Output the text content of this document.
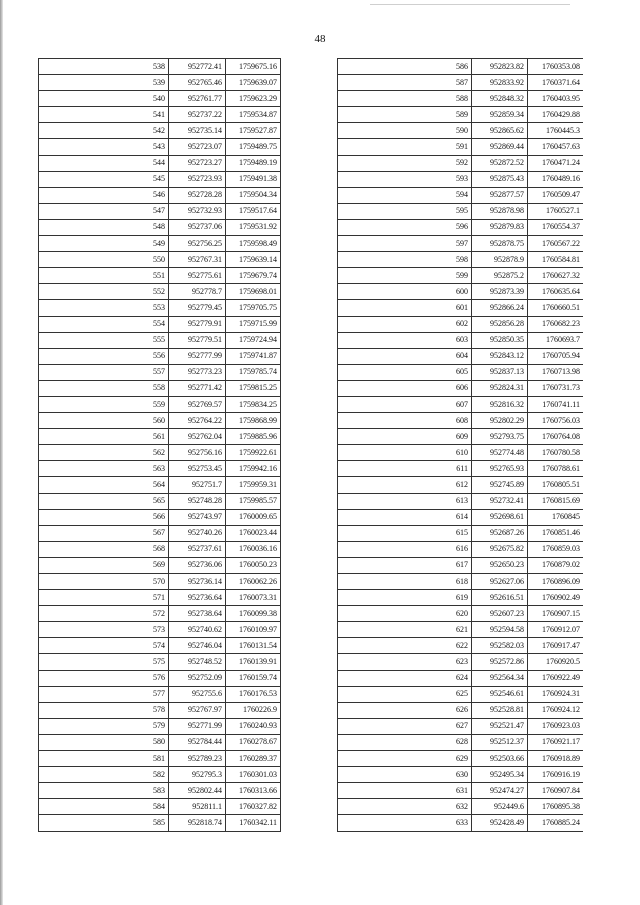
48
538	952772.41	1759675.16
539	952765.46	1759639.07
540	952761.77	1759623.29
541	952737.22	1759534.87
542	952735.14	1759527.87
543	952723.07	1759489.75
544	952723.27	1759489.19
545	952723.93	1759491.38
546	952728.28	1759504.34
547	952732.93	1759517.64
548	952737.06	1759531.92
549	952756.25	1759598.49
550	952767.31	1759639.14
551	952775.61	1759679.74
552	952778.7	1759698.01
553	952779.45	1759705.75
554	952779.91	1759715.99
555	952779.51	1759724.94
556	952777.99	1759741.87
557	952773.23	1759785.74
558	952771.42	1759815.25
559	952769.57	1759834.25
560	952764.22	1759868.99
561	952762.04	1759885.96
562	952756.16	1759922.61
563	952753.45	1759942.16
564	952751.7	1759959.31
565	952748.28	1759985.57
566	952743.97	1760009.65
567	952740.26	1760023.44
568	952737.61	1760036.16
569	952736.06	1760050.23
570	952736.14	1760062.26
571	952736.64	1760073.31
572	952738.64	1760099.38
573	952740.62	1760109.97
574	952746.04	1760131.54
575	952748.52	1760139.91
576	952752.09	1760159.74
577	952755.6	1760176.53
578	952767.97	1760226.9
579	952771.99	1760240.93
580	952784.44	1760278.67
581	952789.23	1760289.37
582	952795.3	1760301.03
583	952802.44	1760313.66
584	952811.1	1760327.82
585	952818.74	1760342.11
586	952823.82	1760353.08
587	952833.92	1760371.64
588	952848.32	1760403.95
589	952859.34	1760429.88
590	952865.62	1760445.3
591	952869.44	1760457.63
592	952872.52	1760471.24
593	952875.43	1760489.16
594	952877.57	1760509.47
595	952878.98	1760527.1
596	952879.83	1760554.37
597	952878.75	1760567.22
598	952878.9	1760584.81
599	952875.2	1760627.32
600	952873.39	1760635.64
601	952866.24	1760660.51
602	952856.28	1760682.23
603	952850.35	1760693.7
604	952843.12	1760705.94
605	952837.13	1760713.98
606	952824.31	1760731.73
607	952816.32	1760741.11
608	952802.29	1760756.03
609	952793.75	1760764.08
610	952774.48	1760780.58
611	952765.93	1760788.61
612	952745.89	1760805.51
613	952732.41	1760815.69
614	952698.61	1760845
615	952687.26	1760851.46
616	952675.82	1760859.03
617	952650.23	1760879.02
618	952627.06	1760896.09
619	952616.51	1760902.49
620	952607.23	1760907.15
621	952594.58	1760912.07
622	952582.03	1760917.47
623	952572.86	1760920.5
624	952564.34	1760922.49
625	952546.61	1760924.31
626	952528.81	1760924.12
627	952521.47	1760923.03
628	952512.37	1760921.17
629	952503.66	1760918.89
630	952495.34	1760916.19
631	952474.27	1760907.84
632	952449.6	1760895.38
633	952428.49	1760885.24
